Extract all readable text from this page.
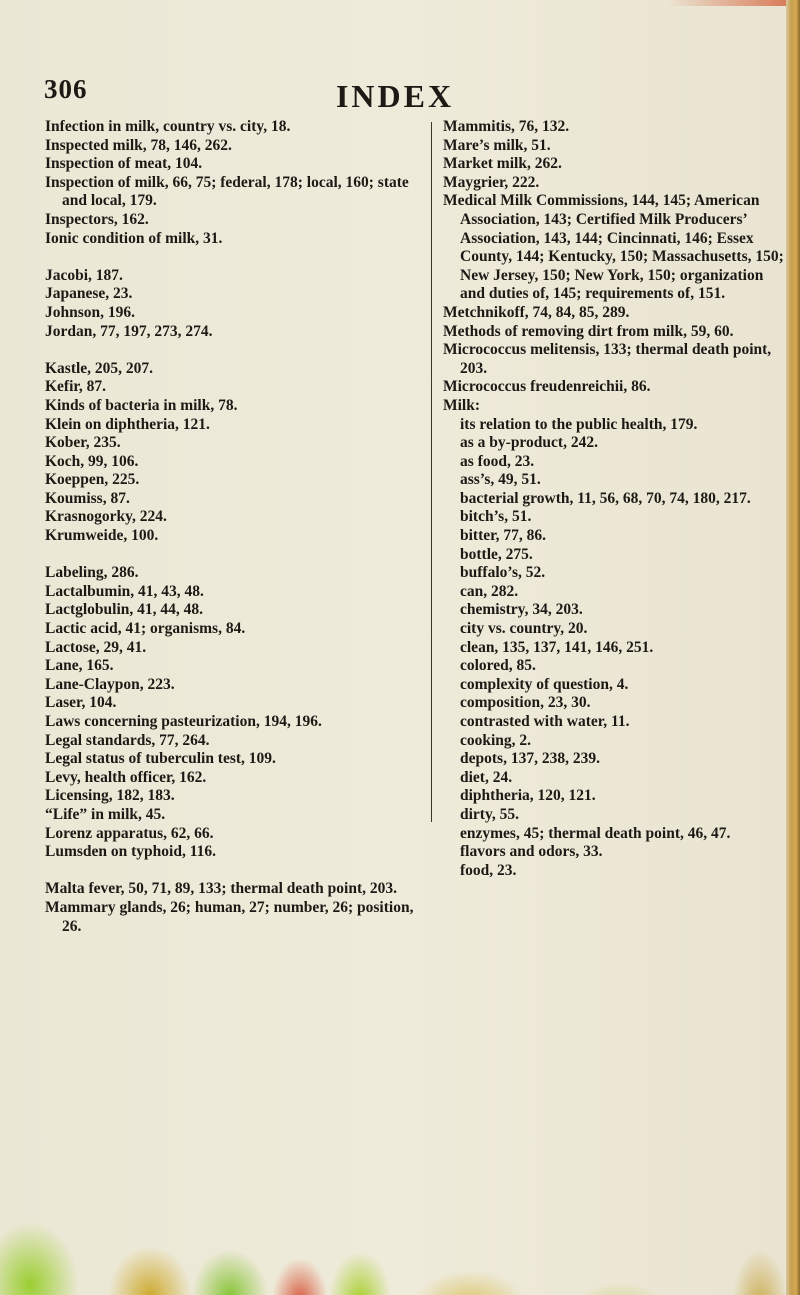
306	INDEX
Infection in milk, country vs. city, 18.
Inspected milk, 78, 146, 262.
Inspection of meat, 104.
Inspection of milk, 66, 75; federal, 178; local, 160; state and local, 179.
Inspectors, 162.
Ionic condition of milk, 31.
Jacobi, 187.
Japanese, 23.
Johnson, 196.
Jordan, 77, 197, 273, 274.
Kastle, 205, 207.
Kefir, 87.
Kinds of bacteria in milk, 78.
Klein on diphtheria, 121.
Kober, 235.
Koch, 99, 106.
Koeppen, 225.
Koumiss, 87.
Krasnogorky, 224.
Krumweide, 100.
Labeling, 286.
Lactalbumin, 41, 43, 48.
Lactglobulin, 41, 44, 48.
Lactic acid, 41; organisms, 84.
Lactose, 29, 41.
Lane, 165.
Lane-Claypon, 223.
Laser, 104.
Laws concerning pasteurization, 194, 196.
Legal standards, 77, 264.
Legal status of tuberculin test, 109.
Levy, health officer, 162.
Licensing, 182, 183.
“Life” in milk, 45.
Lorenz apparatus, 62, 66.
Lumsden on typhoid, 116.
Malta fever, 50, 71, 89, 133; thermal death point, 203.
Mammary glands, 26; human, 27; number, 26; position, 26.
Mammitis, 76, 132.
Mare’s milk, 51.
Market milk, 262.
Maygrier, 222.
Medical Milk Commissions, 144, 145; American Association, 143; Certified Milk Producers’ Association, 143, 144; Cincinnati, 146; Essex County, 144; Kentucky, 150; Massachusetts, 150; New Jersey, 150; New York, 150; organization and duties of, 145; requirements of, 151.
Metchnikoff, 74, 84, 85, 289.
Methods of removing dirt from milk, 59, 60.
Micrococcus melitensis, 133; thermal death point, 203.
Micrococcus freudenreichii, 86.
Milk:
its relation to the public health, 179.
as a by-product, 242.
as food, 23.
ass’s, 49, 51.
bacterial growth, 11, 56, 68, 70, 74, 180, 217.
bitch’s, 51.
bitter, 77, 86.
bottle, 275.
buffalo’s, 52.
can, 282.
chemistry, 34, 203.
city vs. country, 20.
clean, 135, 137, 141, 146, 251.
colored, 85.
complexity of question, 4.
composition, 23, 30.
contrasted with water, 11.
cooking, 2.
depots, 137, 238, 239.
diet, 24.
diphtheria, 120, 121.
dirty, 55.
enzymes, 45; thermal death point, 46, 47.
flavors and odors, 33.
food, 23.
